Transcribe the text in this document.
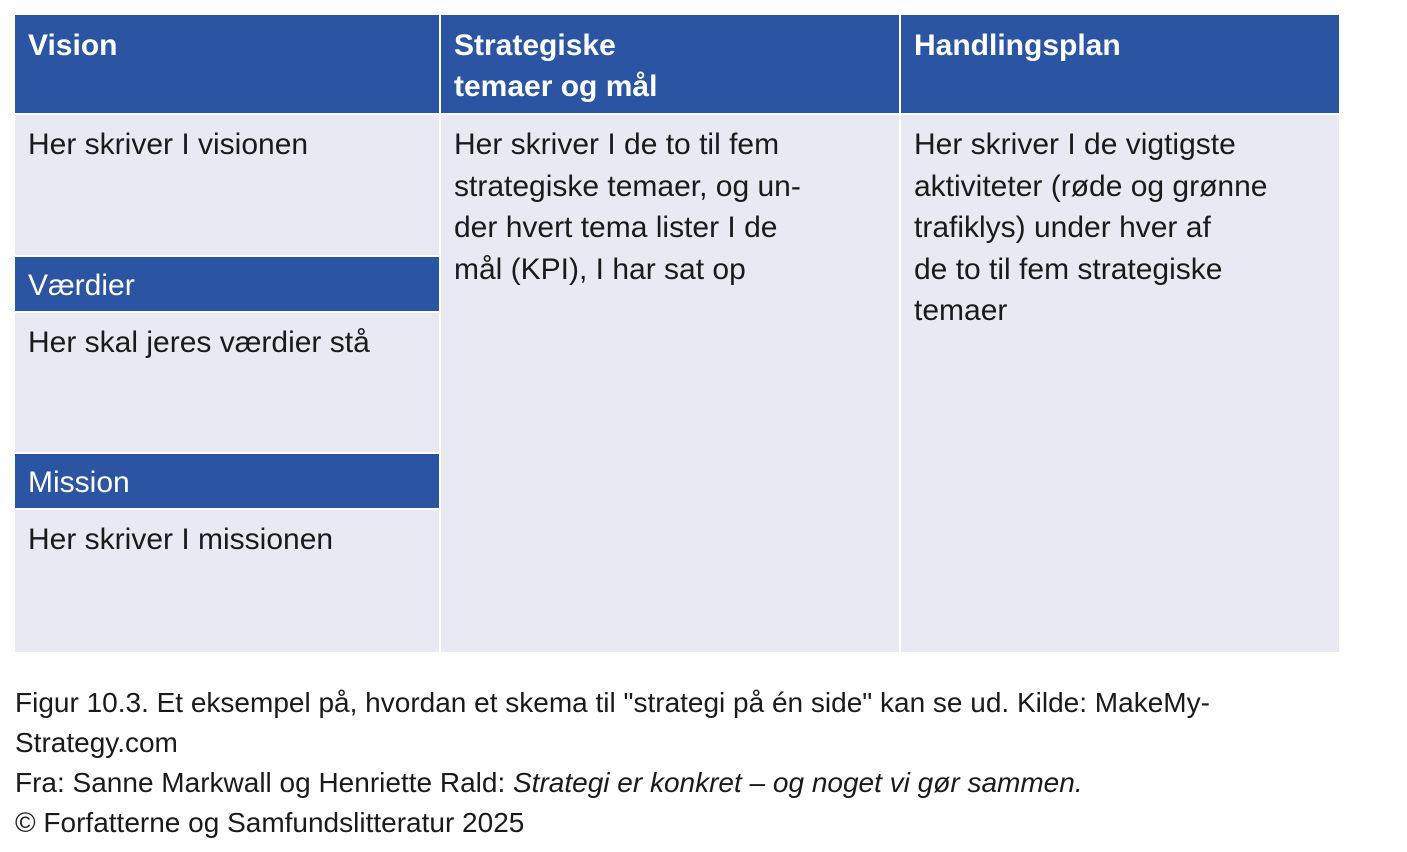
Vision	Strategiske
temaer og mål
Handlingsplan
Her skriver I visionen
Værdier
Her skal jeres værdier stå
Mission
Her skriver I missionen
Her skriver I de to til fem
strategiske temaer, og un-
der hvert tema lister I de
mål (KPI), I har sat op
Her skriver I de vigtigste
aktiviteter (røde og grønne
trafiklys) under hver af
de to til fem strategiske
temaer

Figur 10.3. Et eksempel på, hvordan et skema til "strategi på én side" kan se ud. Kilde: MakeMy-

Strategy.com

Fra: Sanne Markwall og Henriette Rald: Strategi er konkret – og noget vi gør sammen.

© Forfatterne og Samfundslitteratur 2025
